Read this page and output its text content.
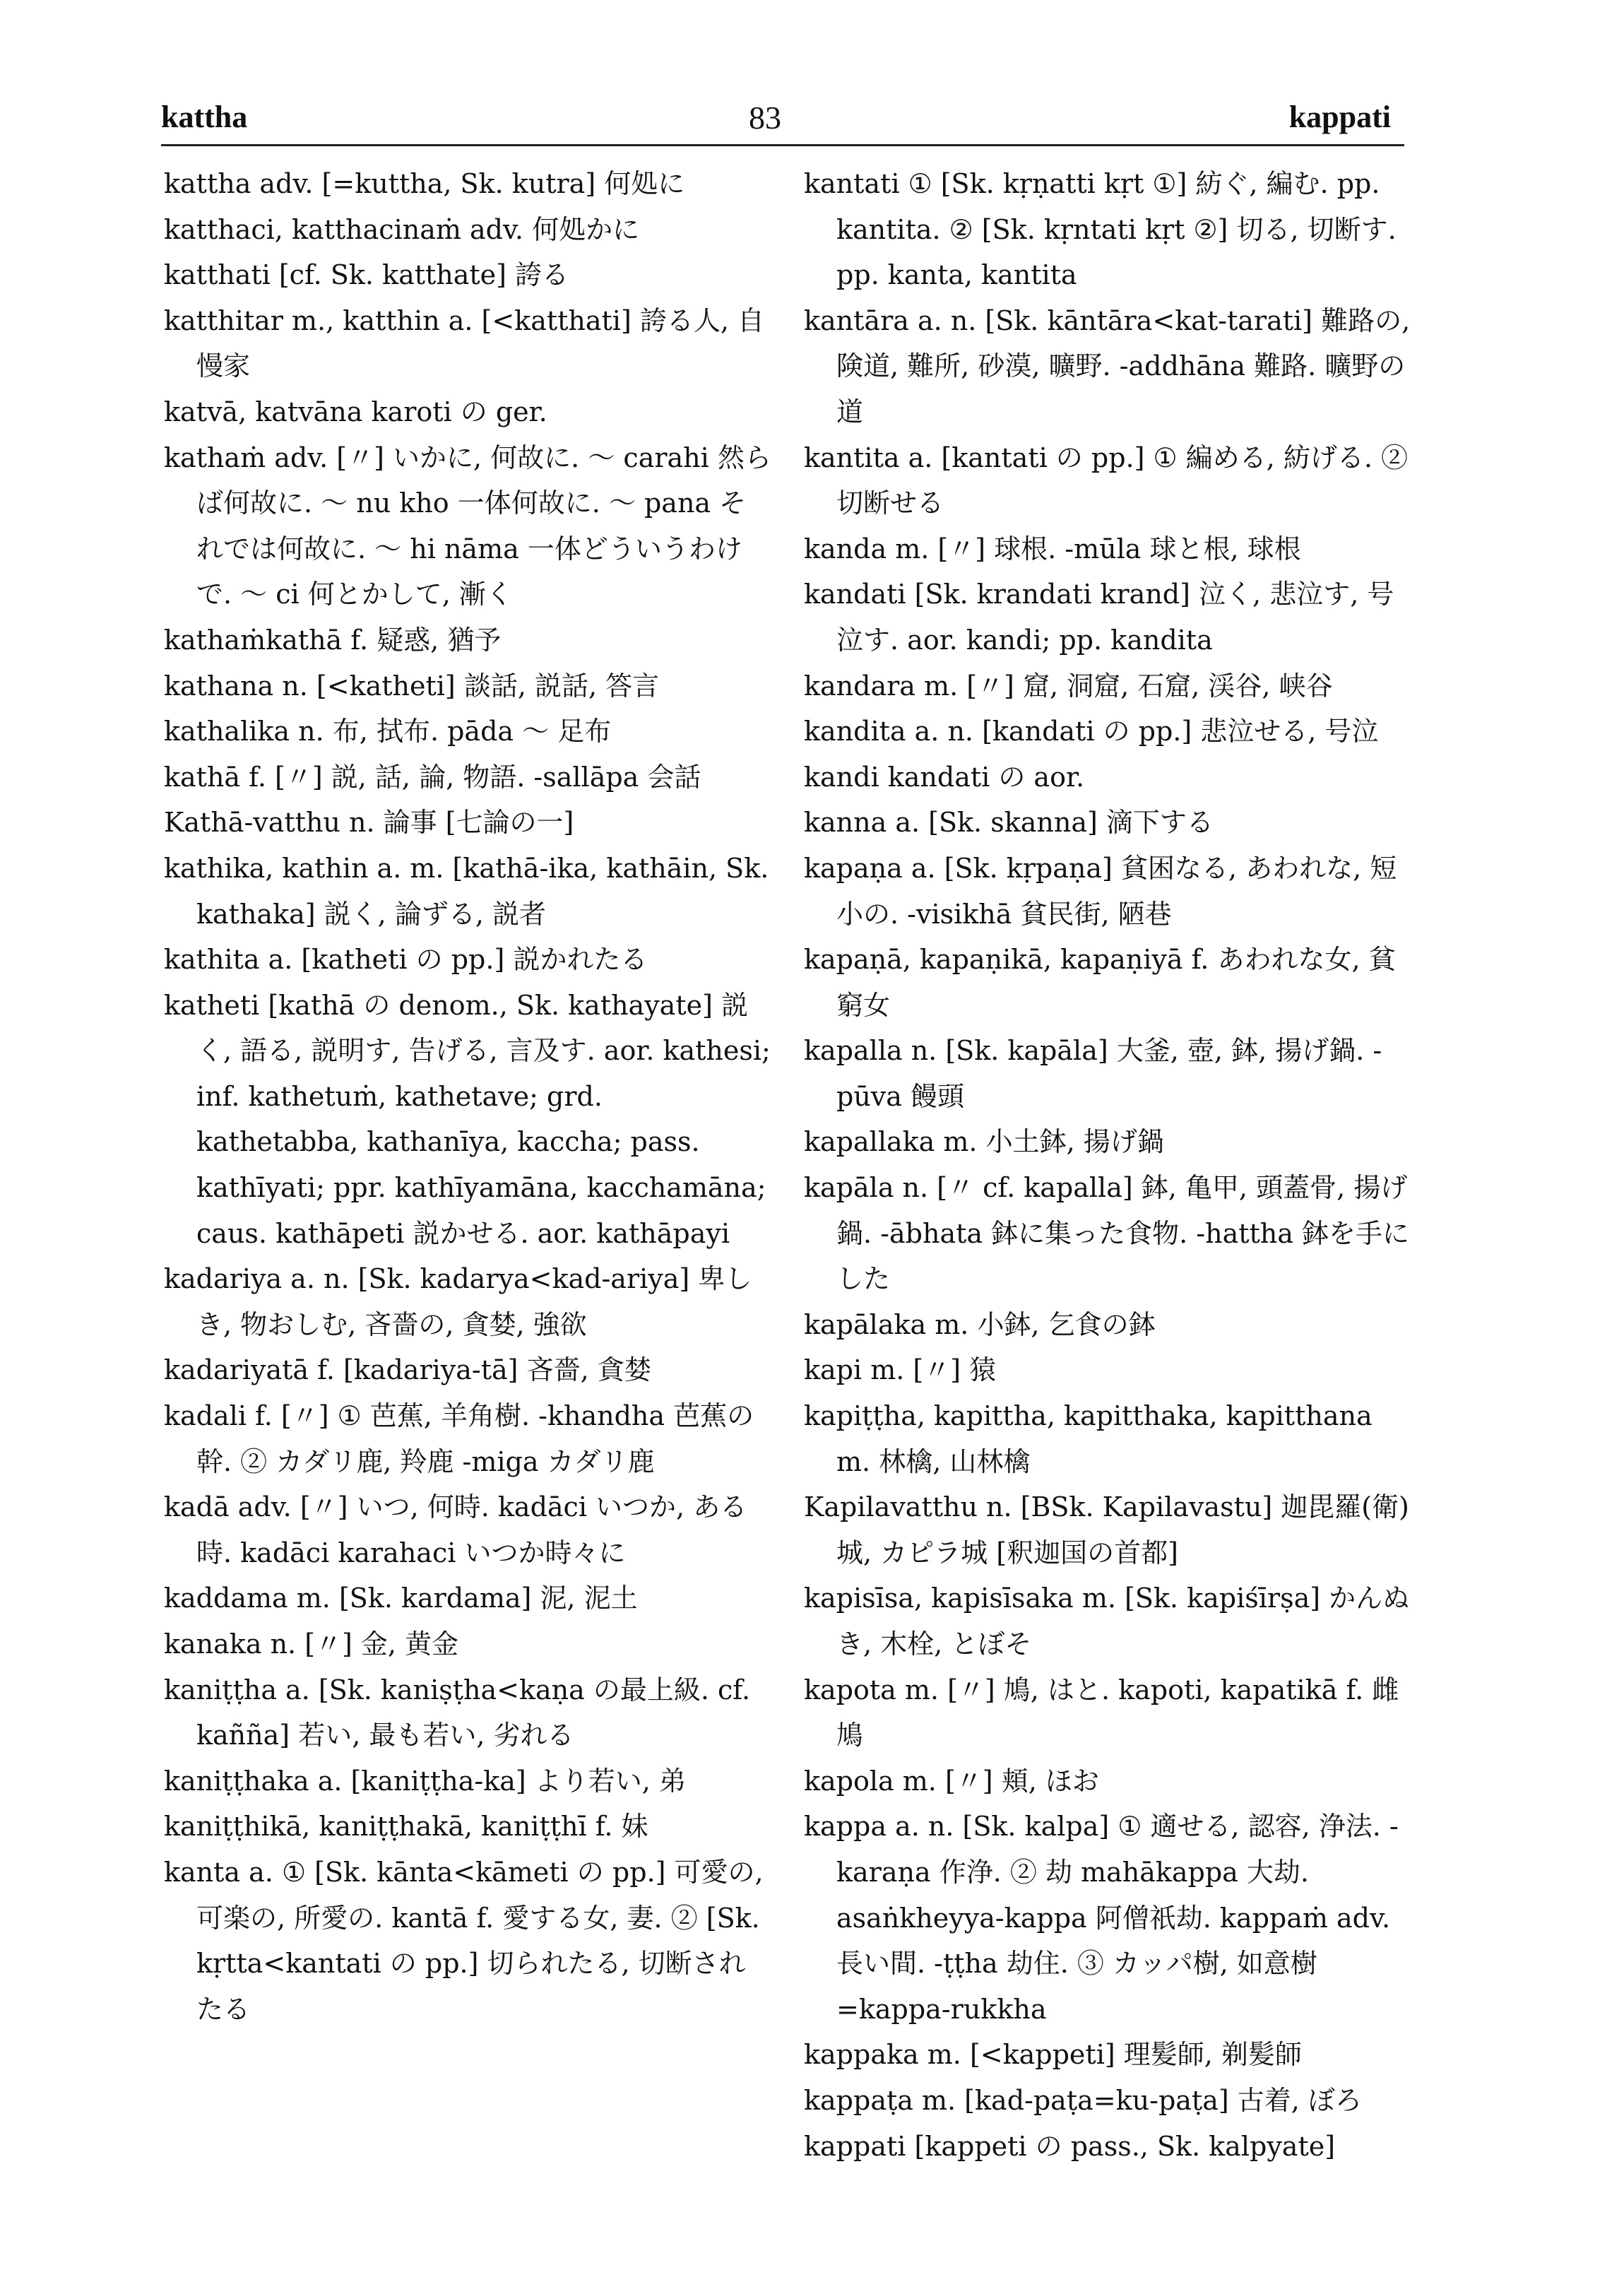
kattha	83	kappati

kattha adv. [=kuttha, Sk. kutra] 何処に

katthaci, katthacinaṁ adv. 何処かに

katthati [cf. Sk. katthate] 誇る

katthitar m., katthin a. [<katthati] 誇る人, 自慢家

katvā, katvāna karoti の ger.

kathaṁ adv. [〃] いかに, 何故に. ～ carahi 然らば何故に. ～ nu kho 一体何故に. ～ pana それでは何故に. ～ hi nāma 一体どういうわけで. ～ ci 何とかして, 漸く

kathaṁkathā f. 疑惑, 猶予

kathana n. [<katheti] 談話, 説話, 答言

kathalika n. 布, 拭布. pāda ～ 足布

kathā f. [〃] 説, 話, 論, 物語. -sallāpa 会話

Kathā-vatthu n. 論事 [七論の一]

kathika, kathin a. m. [kathā-ika, kathāin, Sk. kathaka] 説く, 論ずる, 説者

kathita a. [katheti の pp.] 説かれたる

katheti [kathā の denom., Sk. kathayate] 説く, 語る, 説明す, 告げる, 言及す. aor. kathesi; inf. kathetuṁ, kathetave; grd. kathetabba, kathanīya, kaccha; pass. kathīyati; ppr. kathīyamāna, kacchamāna; caus. kathāpeti 説かせる. aor. kathāpayi

kadariya a. n. [Sk. kadarya<kad-ariya] 卑しき, 物おしむ, 吝嗇の, 貪婪, 強欲

kadariyatā f. [kadariya-tā] 吝嗇, 貪婪

kadali f. [〃] ① 芭蕉, 羊角樹. -khandha 芭蕉の幹. ② カダリ鹿, 羚鹿 -miga カダリ鹿

kadā adv. [〃] いつ, 何時. kadāci いつか, ある時. kadāci karahaci いつか時々に

kaddama m. [Sk. kardama] 泥, 泥土

kanaka n. [〃] 金, 黄金

kaniṭṭha a. [Sk. kaniṣṭha<kaṇa の最上級. cf. kañña] 若い, 最も若い, 劣れる

kaniṭṭhaka a. [kaniṭṭha-ka] より若い, 弟

kaniṭṭhikā, kaniṭṭhakā, kaniṭṭhī f. 妹

kanta a. ① [Sk. kānta<kāmeti の pp.] 可愛の, 可楽の, 所愛の. kantā f. 愛する女, 妻. ② [Sk. kṛtta<kantati の pp.] 切られたる, 切断されたる

kantati ① [Sk. kṛṇatti kṛt ①] 紡ぐ, 編む. pp. kantita. ② [Sk. kṛntati kṛt ②] 切る, 切断す. pp. kanta, kantita

kantāra a. n. [Sk. kāntāra<kat-tarati] 難路の, 険道, 難所, 砂漠, 曠野. -addhāna 難路. 曠野の道

kantita a. [kantati の pp.] ① 編める, 紡げる. ② 切断せる

kanda m. [〃] 球根. -mūla 球と根, 球根

kandati [Sk. krandati krand] 泣く, 悲泣す, 号泣す. aor. kandi; pp. kandita

kandara m. [〃] 窟, 洞窟, 石窟, 渓谷, 峡谷

kandita a. n. [kandati の pp.] 悲泣せる, 号泣

kandi kandati の aor.

kanna a. [Sk. skanna] 滴下する

kapaṇa a. [Sk. kṛpaṇa] 貧困なる, あわれな, 短小の. -visikhā 貧民街, 陋巷

kapaṇā, kapaṇikā, kapaṇiyā f. あわれな女, 貧窮女

kapalla n. [Sk. kapāla] 大釜, 壺, 鉢, 揚げ鍋. -pūva 饅頭

kapallaka m. 小土鉢, 揚げ鍋

kapāla n. [〃 cf. kapalla] 鉢, 亀甲, 頭蓋骨, 揚げ鍋. -ābhata 鉢に集った食物. -hattha 鉢を手にした

kapālaka m. 小鉢, 乞食の鉢

kapi m. [〃] 猿

kapiṭṭha, kapittha, kapitthaka, kapitthana m. 林檎, 山林檎

Kapilavatthu n. [BSk. Kapilavastu] 迦毘羅(衛)城, カピラ城 [釈迦国の首都]

kapisīsa, kapisīsaka m. [Sk. kapiśīrṣa] かんぬき, 木栓, とぼそ

kapota m. [〃] 鳩, はと. kapoti, kapatikā f. 雌鳩

kapola m. [〃] 頬, ほお

kappa a. n. [Sk. kalpa] ① 適せる, 認容, 浄法. -karaṇa 作浄. ② 劫 mahākappa 大劫. asaṅkheyya-kappa 阿僧祇劫. kappaṁ adv. 長い間. -ṭṭha 劫住. ③ カッパ樹, 如意樹=kappa-rukkha

kappaka m. [<kappeti] 理髪師, 剃髪師

kappaṭa m. [kad-paṭa=ku-paṭa] 古着, ぼろ

kappati [kappeti の pass., Sk. kalpyate]
